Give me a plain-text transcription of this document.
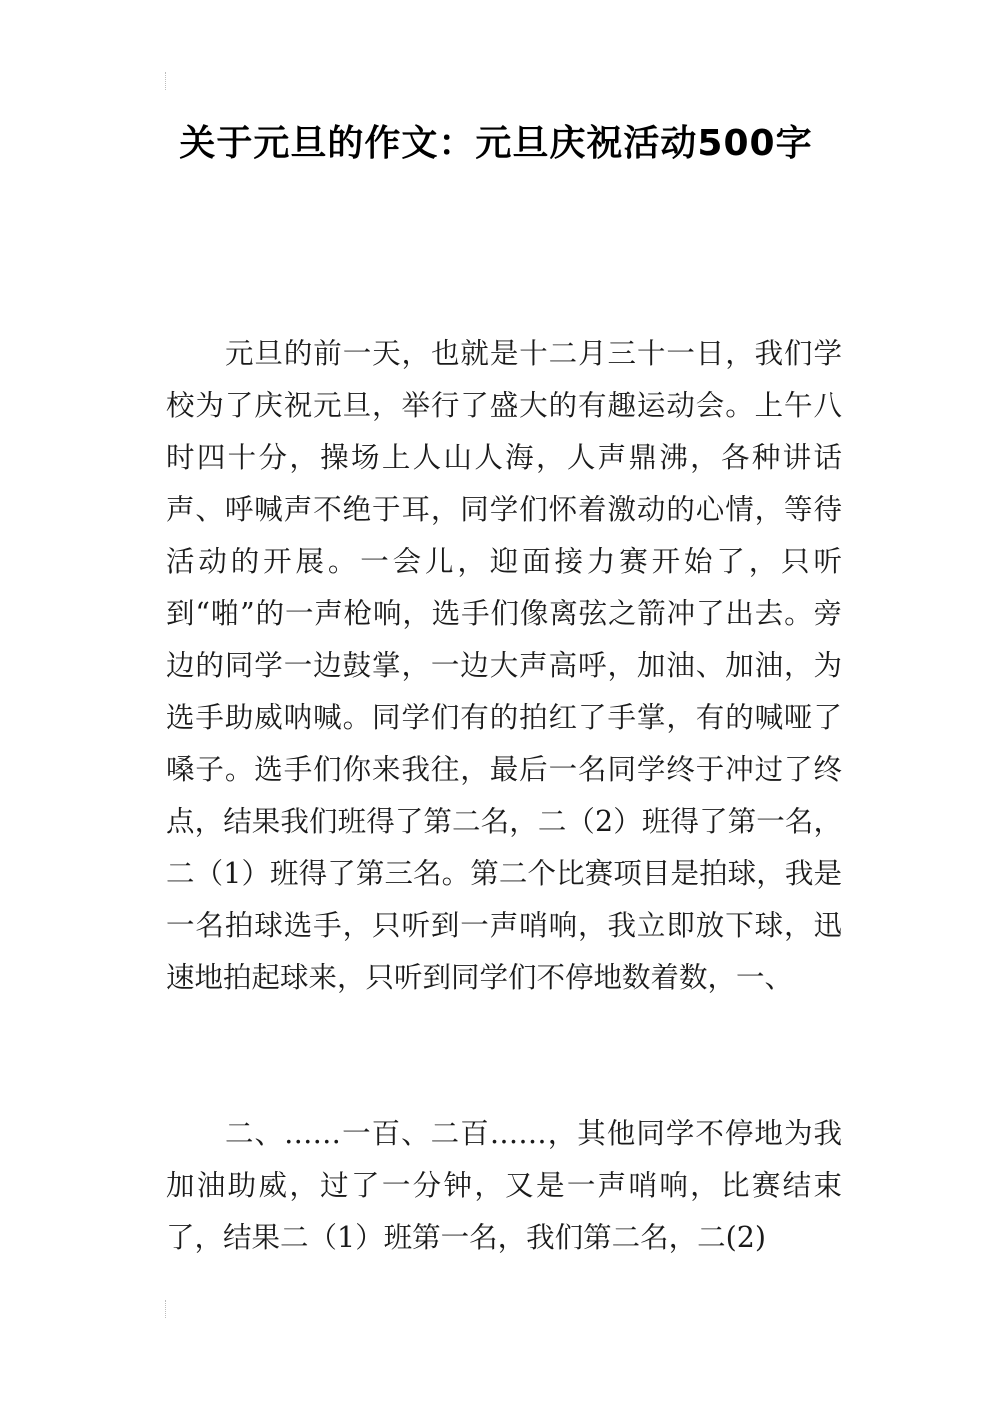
关于元旦的作文：元旦庆祝活动500字

元旦的前一天，也就是十二月三十一日，我们学校为了庆祝元旦，举行了盛大的有趣运动会。上午八时四十分，操场上人山人海，人声鼎沸，各种讲话声、呼喊声不绝于耳，同学们怀着激动的心情，等待活动的开展。一会儿，迎面接力赛开始了，只听到“啪”的一声枪响，选手们像离弦之箭冲了出去。旁边的同学一边鼓掌，一边大声高呼，加油、加油，为选手助威呐喊。同学们有的拍红了手掌，有的喊哑了嗓子。选手们你来我往，最后一名同学终于冲过了终点，结果我们班得了第二名，二（2）班得了第一名，二（1）班得了第三名。第二个比赛项目是拍球，我是一名拍球选手，只听到一声哨响，我立即放下球，迅速地拍起球来，只听到同学们不停地数着数，一、

二、……一百、二百……，其他同学不停地为我加油助威，过了一分钟，又是一声哨响，比赛结束了，结果二（1）班第一名，我们第二名，二(2)
